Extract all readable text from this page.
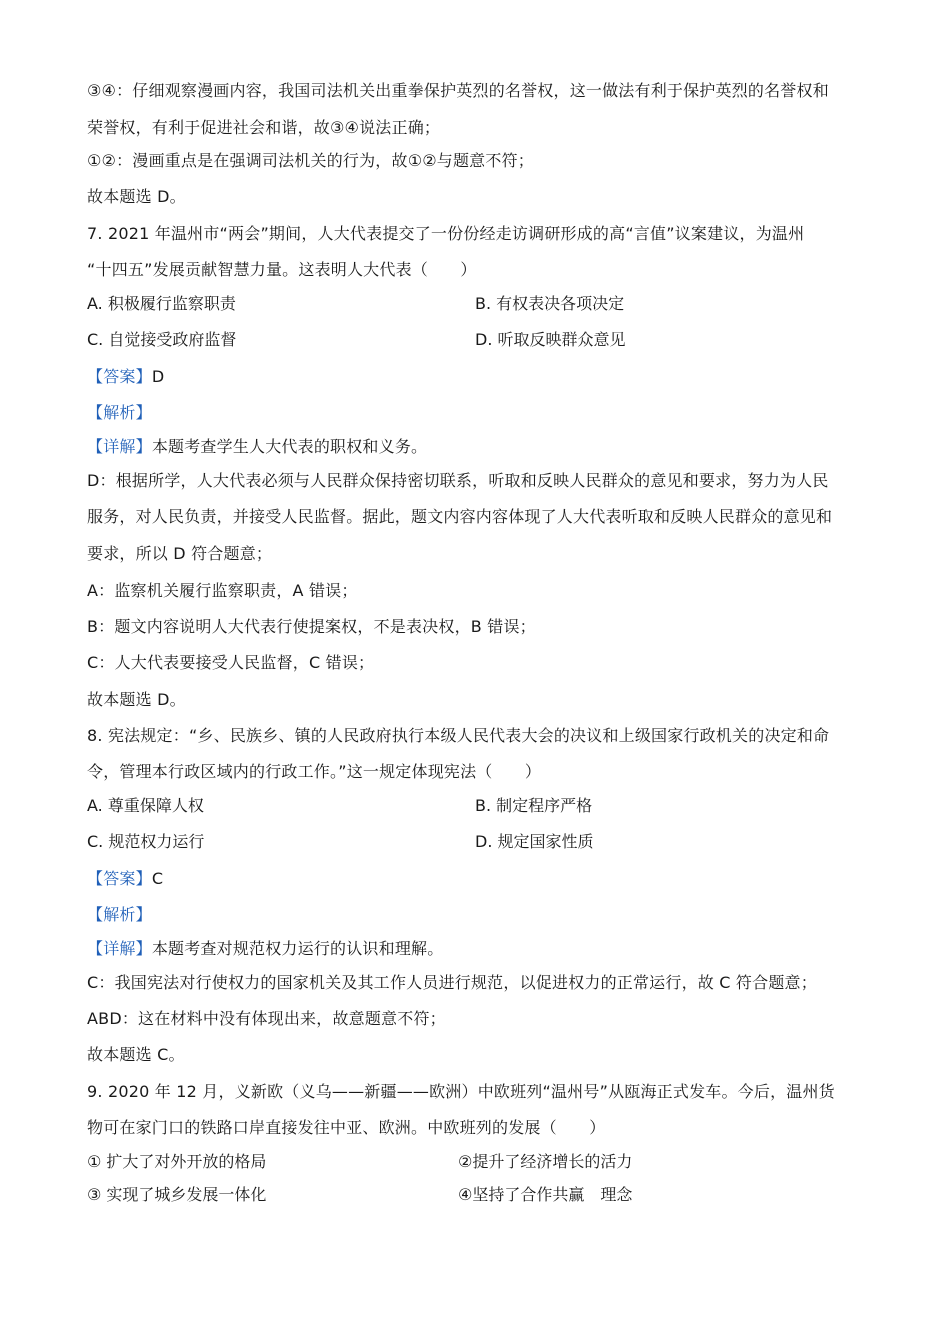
③④：仔细观察漫画内容，我国司法机关出重拳保护英烈的名誉权，这一做法有利于保护英烈的名誉权和
荣誉权，有利于促进社会和谐，故③④说法正确；
①②：漫画重点是在强调司法机关的行为，故①②与题意不符；
故本题选 D。
7. 2021 年温州市“两会”期间，人大代表提交了一份份经走访调研形成的高“言值”议案建议，为温州
“十四五”发展贡献智慧力量。这表明人大代表（　　）
A. 积极履行监察职责	B. 有权表决各项决定
C. 自觉接受政府监督	D. 听取反映群众意见
【答案】D
【解析】
【详解】本题考查学生人大代表的职权和义务。
D：根据所学，人大代表必须与人民群众保持密切联系，听取和反映人民群众的意见和要求，努力为人民
服务，对人民负责，并接受人民监督。据此，题文内容内容体现了人大代表听取和反映人民群众的意见和
要求，所以 D 符合题意；
A：监察机关履行监察职责，A 错误；
B：题文内容说明人大代表行使提案权，不是表决权，B 错误；
C：人大代表要接受人民监督，C 错误；
故本题选 D。
8. 宪法规定：“乡、民族乡、镇的人民政府执行本级人民代表大会的决议和上级国家行政机关的决定和命
令，管理本行政区域内的行政工作。”这一规定体现宪法（　　）
A. 尊重保障人权	B. 制定程序严格
C. 规范权力运行	D. 规定国家性质
【答案】C
【解析】
【详解】本题考查对规范权力运行的认识和理解。
C：我国宪法对行使权力的国家机关及其工作人员进行规范，以促进权力的正常运行，故 C 符合题意；
ABD：这在材料中没有体现出来，故意题意不符；
故本题选 C。
9. 2020 年 12 月，义新欧（义乌——新疆——欧洲）中欧班列“温州号”从瓯海正式发车。今后，温州货
物可在家门口的铁路口岸直接发往中亚、欧洲。中欧班列的发展（　　）
① 扩大了对外开放的格局	②提升了经济增长的活力
③ 实现了城乡发展一体化	④坚持了合作共赢　理念
